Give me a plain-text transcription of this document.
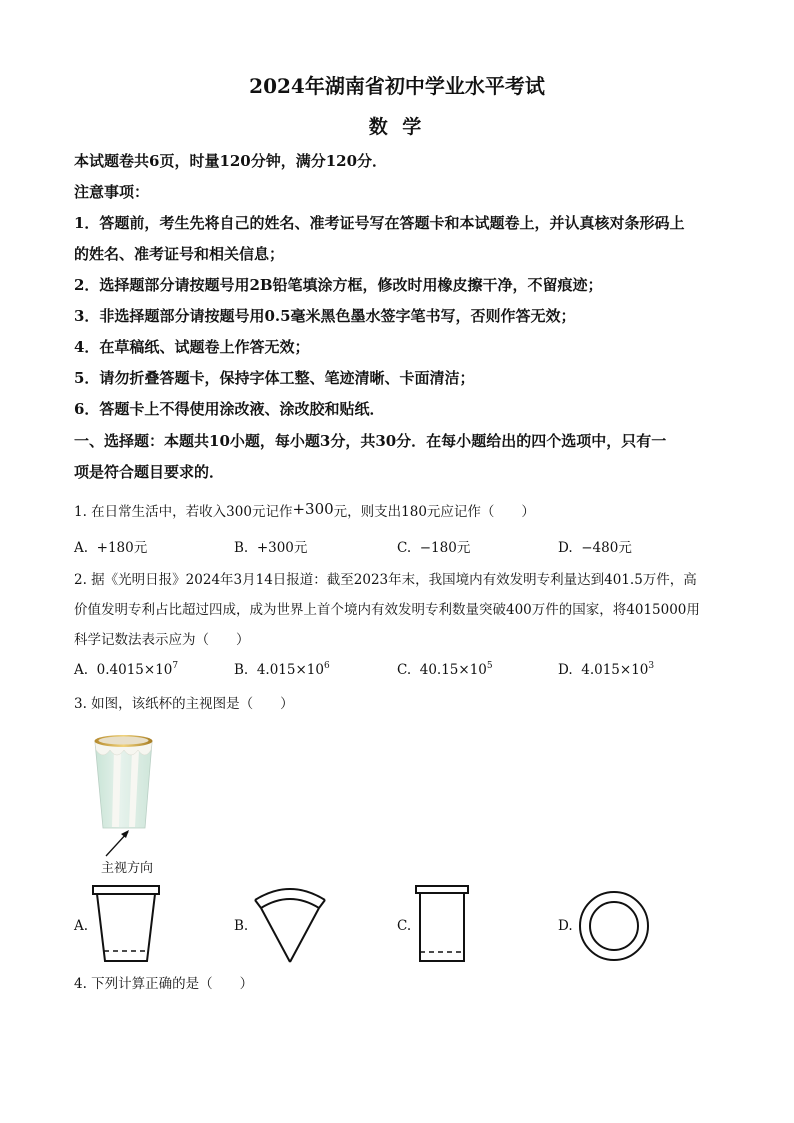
2024年湖南省初中学业水平考试
数 学
本试题卷共6页，时量120分钟，满分120分．
注意事项：
1．答题前，考生先将自己的姓名、准考证号写在答题卡和本试题卷上，并认真核对条形码上
的姓名、准考证号和相关信息；
2．选择题部分请按题号用2B铅笔填涂方框，修改时用橡皮擦干净，不留痕迹；
3．非选择题部分请按题号用0.5毫米黑色墨水签字笔书写，否则作答无效；
4．在草稿纸、试题卷上作答无效；
5．请勿折叠答题卡，保持字体工整、笔迹清晰、卡面清洁；
6．答题卡上不得使用涂改液、涂改胶和贴纸．
一、选择题：本题共10小题，每小题3分，共30分．在每小题给出的四个选项中，只有一
项是符合题目要求的．
1. 在日常生活中，若收入300元记作+300元，则支出180元应记作（　　）
A. +180元	B. +300元	C. −180元	D. −480元
2. 据《光明日报》2024年3月14日报道：截至2023年末，我国境内有效发明专利量达到401.5万件，高
价值发明专利占比超过四成，成为世界上首个境内有效发明专利数量突破400万件的国家，将4015000用
科学记数法表示应为（　　）
A. $0.4015\times 10^7$	B. $4.015\times 10^6$	C. $40.15\times 10^5$	D. $4.015\times 10^3$
3. 如图，该纸杯的主视图是（　　）
主视方向
A.	B.	C.	D.
4. 下列计算正确的是（　　）
